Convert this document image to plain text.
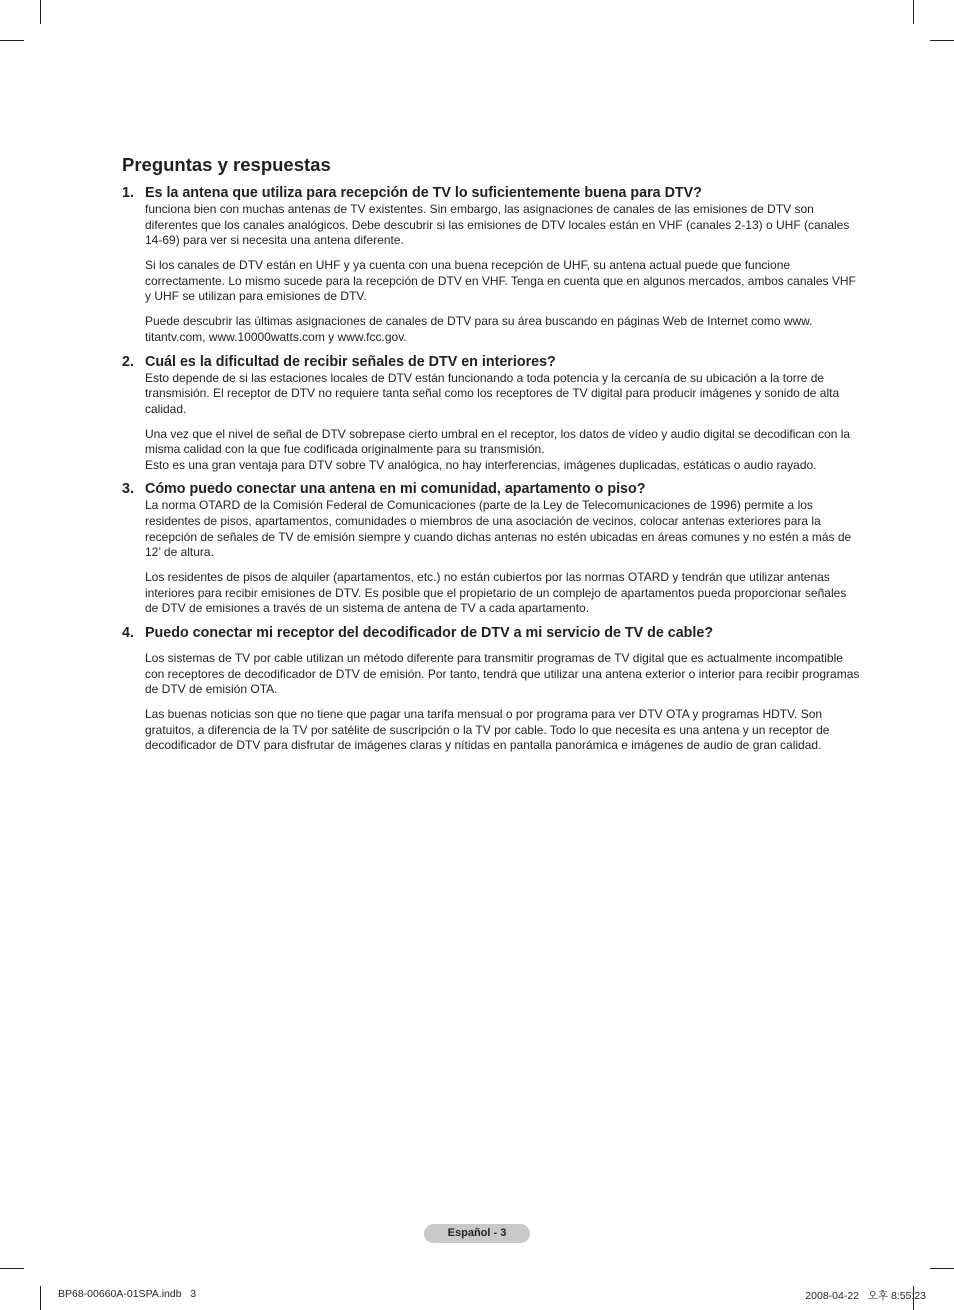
Preguntas y respuestas
1. Es la antena que utiliza para recepción de TV lo suficientemente buena para DTV?

funciona bien con muchas antenas de TV existentes. Sin embargo, las asignaciones de canales de las emisiones de DTV son diferentes que los canales analógicos. Debe descubrir si las emisiones de DTV locales están en VHF (canales 2-13) o UHF (canales 14-69) para ver si necesita una antena diferente.

Si los canales de DTV están en UHF y ya cuenta con una buena recepción de UHF, su antena actual puede que funcione correctamente. Lo mismo sucede para la recepción de DTV en VHF. Tenga en cuenta que en algunos mercados, ambos canales VHF y UHF se utilizan para emisiones de DTV.

Puede descubrir las últimas asignaciones de canales de DTV para su área buscando en páginas Web de Internet como www. titantv.com, www.10000watts.com y www.fcc.gov.

2. Cuál es la dificultad de recibir señales de DTV en interiores?

Esto depende de si las estaciones locales de DTV están funcionando a toda potencia y la cercanía de su ubicación a la torre de transmisión. El receptor de DTV no requiere tanta señal como los receptores de TV digital para producir imágenes y sonido de alta calidad.

Una vez que el nivel de señal de DTV sobrepase cierto umbral en el receptor, los datos de vídeo y audio digital se decodifican con la misma calidad con la que fue codificada originalmente para su transmisión.

Esto es una gran ventaja para DTV sobre TV analógica, no hay interferencias, imágenes duplicadas, estáticas o audio rayado.

3. Cómo puedo conectar una antena en mi comunidad, apartamento o piso?

La norma OTARD de la Comisión Federal de Comunicaciones (parte de la Ley de Telecomunicaciones de 1996) permite a los residentes de pisos, apartamentos, comunidades o miembros de una asociación de vecinos, colocar antenas exteriores para la recepción de señales de TV de emisión siempre y cuando dichas antenas no estén ubicadas en áreas comunes y no estén a más de 12’ de altura.

Los residentes de pisos de alquiler (apartamentos, etc.) no están cubiertos por las normas OTARD y tendrán que utilizar antenas interiores para recibir emisiones de DTV. Es posible que el propietario de un complejo de apartamentos pueda proporcionar señales de DTV de emisiones a través de un sistema de antena de TV a cada apartamento.

4. Puedo conectar mi receptor del decodificador de DTV a mi servicio de TV de cable?

Los sistemas de TV por cable utilizan un método diferente para transmitir programas de TV digital que es actualmente incompatible con receptores de decodificador de DTV de emisión. Por tanto, tendrá que utilizar una antena exterior o interior para recibir programas de DTV de emisión OTA.

Las buenas noticias son que no tiene que pagar una tarifa mensual o por programa para ver DTV OTA y programas HDTV. Son gratuitos, a diferencia de la TV por satélite de suscripción o la TV por cable. Todo lo que necesita es una antena y un receptor de decodificador de DTV para disfrutar de imágenes claras y nítidas en pantalla panorámica e imágenes de audio de gran calidad.

Español - 3
BP68-00660A-01SPA.indb   3	2008-04-22   오후 8:55:23
